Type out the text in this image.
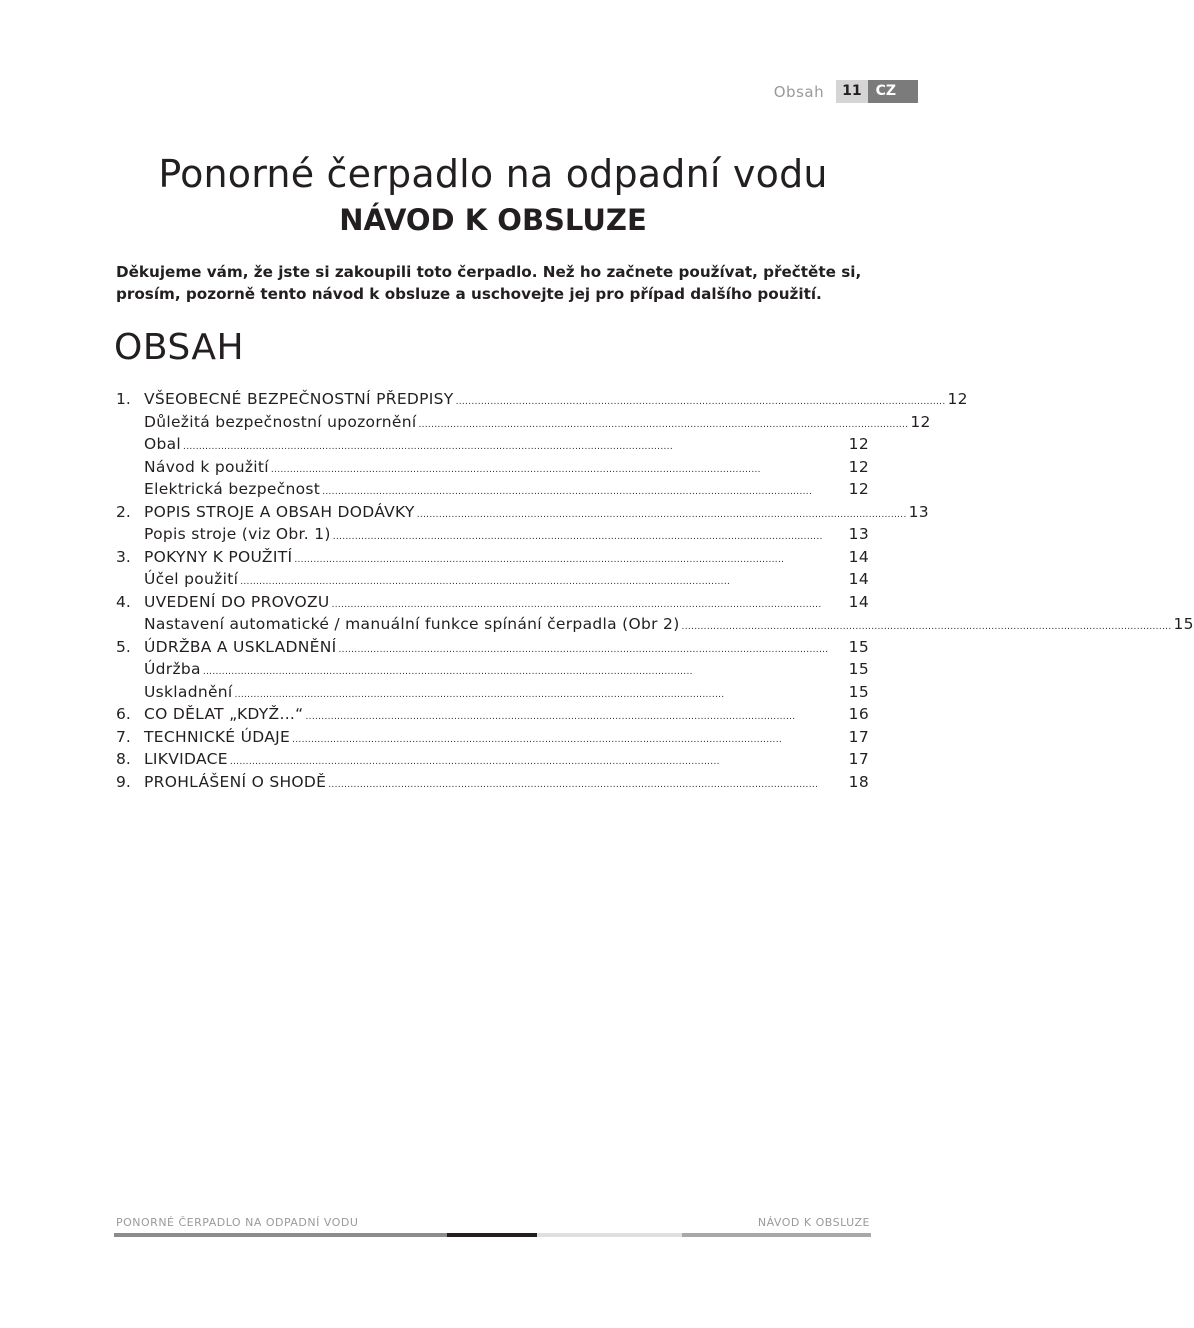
Obsah	11	CZ
Ponorné čerpadlo na odpadní vodu
NÁVOD K OBSLUZE
Děkujeme vám, že jste si zakoupili toto čerpadlo. Než ho začnete používat, přečtěte si, prosím, pozorně tento návod k obsluze a uschovejte jej pro případ dalšího použití.
OBSAH
1. VŠEOBECNÉ BEZPEČNOSTNÍ PŘEDPISY ........................................................................................................................................................... 12
Důležitá bezpečnostní upozornění ........................................................................................................................................................... 12
Obal ...........................................................................................................................................................	12
Návod k použití ...........................................................................................................................................................	12
Elektrická bezpečnost ...........................................................................................................................................................	12
2. POPIS STROJE A OBSAH DODÁVKY ........................................................................................................................................................... 13
Popis stroje (viz Obr. 1) ...........................................................................................................................................................	13
3. POKYNY K POUŽITÍ ...........................................................................................................................................................	14
Účel použití ...........................................................................................................................................................	14
4. UVEDENÍ DO PROVOZU ...........................................................................................................................................................	14
Nastavení automatické / manuální funkce spínání čerpadla (Obr 2) ........................................................................................................................................................... 15
5. ÚDRŽBA A USKLADNĚNÍ ...........................................................................................................................................................	15
Údržba ...........................................................................................................................................................	15
Uskladnění ...........................................................................................................................................................	15
6. CO DĚLAT „KDYŽ...“ ...........................................................................................................................................................	16
7. TECHNICKÉ ÚDAJE ...........................................................................................................................................................	17
8. LIKVIDACE ...........................................................................................................................................................	17
9. PROHLÁŠENÍ O SHODĚ ...........................................................................................................................................................	18
PONORNÉ ČERPADLO NA ODPADNÍ VODU	NÁVOD K OBSLUZE
